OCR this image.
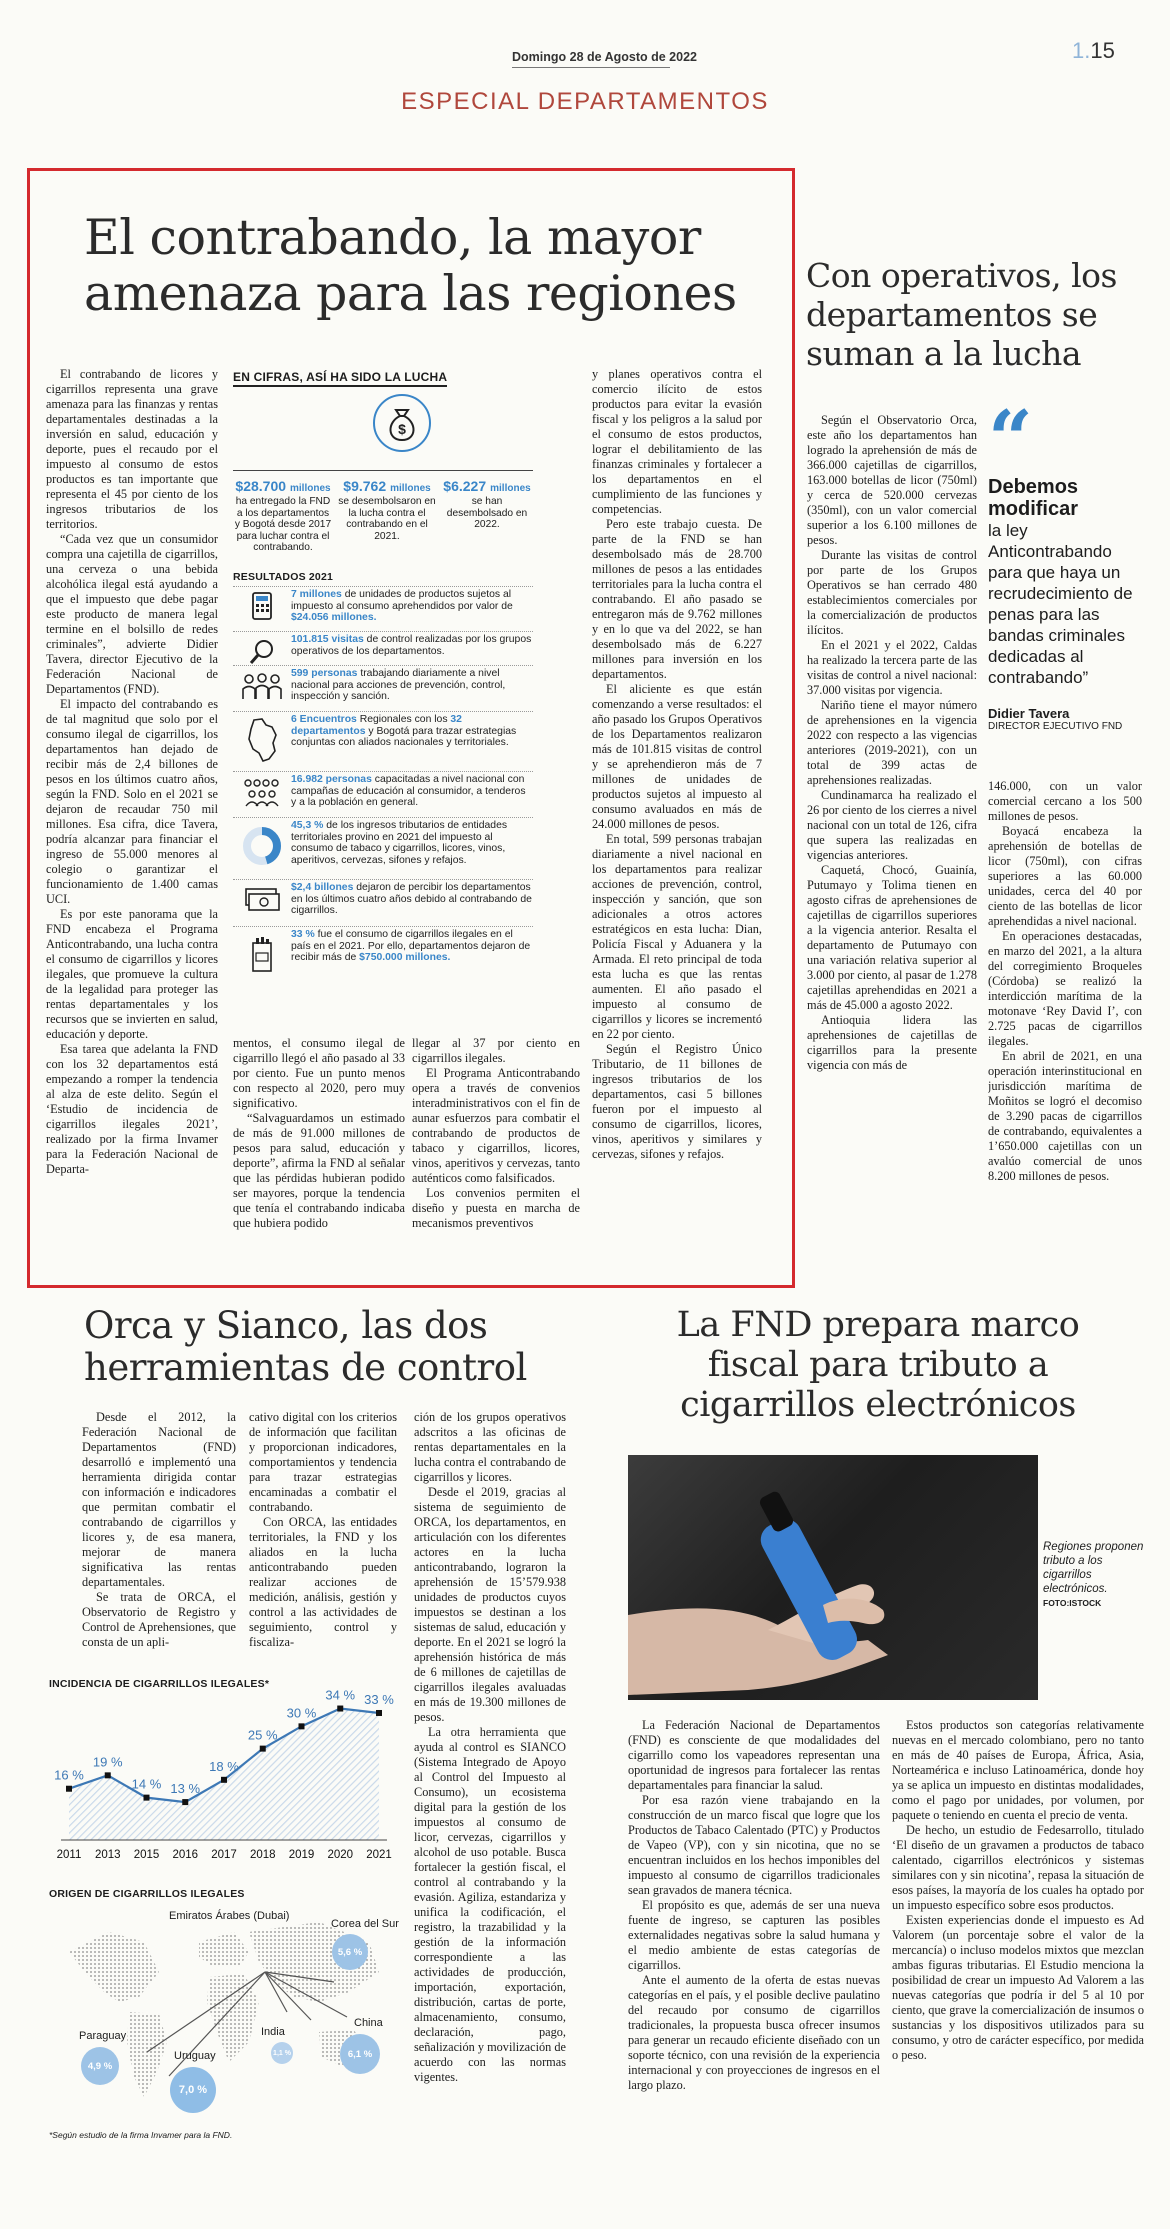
Domingo 28 de Agosto de 2022	1.15
ESPECIAL DEPARTAMENTOS
El contrabando, la mayor
amenaza para las regiones

El contrabando de licores y cigarrillos representa una grave amenaza para las finanzas y rentas departamentales destinadas a la inversión en salud, educación y deporte, pues el recaudo por el impuesto al consumo de estos productos es tan importante que representa el 45 por ciento de los ingresos tributarios de los territorios.

“Cada vez que un consumidor compra una cajetilla de cigarrillos, una cerveza o una bebida alcohólica ilegal está ayudando a que el impuesto que debe pagar este producto de manera legal termine en el bolsillo de redes criminales”, advierte Didier Tavera, director Ejecutivo de la Federación Nacional de Departamentos (FND).

El impacto del contrabando es de tal magnitud que solo por el consumo ilegal de cigarrillos, los departamentos han dejado de recibir más de 2,4 billones de pesos en los últimos cuatro años, según la FND. Solo en el 2021 se dejaron de recaudar 750 mil millones. Esa cifra, dice Tavera, podría alcanzar para financiar el ingreso de 55.000 menores al colegio o garantizar el funcionamiento de 1.400 camas UCI.

Es por este panorama que la FND encabeza el Programa Anticontrabando, una lucha contra el consumo de cigarrillos y licores ilegales, que promueve la cultura de la legalidad para proteger las rentas departamentales y los recursos que se invierten en salud, educación y deporte.

Esa tarea que adelanta la FND con los 32 departamentos está empezando a romper la tendencia al alza de este delito. Según el ‘Estudio de incidencia de cigarrillos ilegales 2021’, realizado por la firma Invamer para la Federación Nacional de Departa-

EN CIFRAS, ASÍ HA SIDO LA LUCHA
$
$28.700 millones
ha entregado la FND a los departamentos y Bogotá desde 2017 para luchar contra el contrabando.
$9.762 millones
se desembolsaron en la lucha contra el contrabando en el 2021.
$6.227 millones
se han desembolsado en 2022.
RESULTADOS 2021
7 millones de unidades de productos sujetos al impuesto al consumo aprehendidos por valor de $24.056 millones.
101.815 visitas de control realizadas por los grupos operativos de los departamentos.
599 personas trabajando diariamente a nivel nacional para acciones de prevención, control, inspección y sanción.
6 Encuentros Regionales con los 32 departamentos y Bogotá para trazar estrategias conjuntas con aliados nacionales y territoriales.
16.982 personas capacitadas a nivel nacional con campañas de educación al consumidor, a tenderos y a la población en general.
45,3 % de los ingresos tributarios de entidades territoriales provino en 2021 del impuesto al consumo de tabaco y cigarrillos, licores, vinos, aperitivos, cervezas, sifones y refajos.
$2,4 billones dejaron de percibir los departamentos en los últimos cuatro años debido al contrabando de cigarrillos.
33 % fue el consumo de cigarrillos ilegales en el país en el 2021. Por ello, departamentos dejaron de recibir más de $750.000 millones.

mentos, el consumo ilegal de cigarrillo llegó el año pasado al 33 por ciento. Fue un punto menos con respecto al 2020, pero muy significativo.

“Salvaguardamos un estimado de más de 91.000 millones de pesos para salud, educación y deporte”, afirma la FND al señalar que las pérdidas hubieran podido ser mayores, porque la tendencia que tenía el contrabando indicaba que hubiera podido

llegar al 37 por ciento en cigarrillos ilegales.

El Programa Anticontrabando opera a través de convenios interadministrativos con el fin de aunar esfuerzos para combatir el contrabando de productos de tabaco y cigarrillos, licores, vinos, aperitivos y cervezas, tanto auténticos como falsificados.

Los convenios permiten el diseño y puesta en marcha de mecanismos preventivos

y planes operativos contra el comercio ilícito de estos productos para evitar la evasión fiscal y los peligros a la salud por el consumo de estos productos, lograr el debilitamiento de las finanzas criminales y fortalecer a los departamentos en el cumplimiento de las funciones y competencias.

Pero este trabajo cuesta. De parte de la FND se han desembolsado más de 28.700 millones de pesos a las entidades territoriales para la lucha contra el contrabando. El año pasado se entregaron más de 9.762 millones y en lo que va del 2022, se han desembolsado más de 6.227 millones para inversión en los departamentos.

El aliciente es que están comenzando a verse resultados: el año pasado los Grupos Operativos de los Departamentos realizaron más de 101.815 visitas de control y se aprehendieron más de 7 millones de unidades de productos sujetos al impuesto al consumo avaluados en más de 24.000 millones de pesos.

En total, 599 personas trabajan diariamente a nivel nacional en los departamentos para realizar acciones de prevención, control, inspección y sanción, que son adicionales a otros actores estratégicos en esta lucha: Dian, Policía Fiscal y Aduanera y la Armada. El reto principal de toda esta lucha es que las rentas aumenten. El año pasado el impuesto al consumo de cigarrillos y licores se incrementó en 22 por ciento.

Según el Registro Único Tributario, de 11 billones de ingresos tributarios de los departamentos, casi 5 billones fueron por el impuesto al consumo de cigarrillos, licores, vinos, aperitivos y similares y cervezas, sifones y refajos.

Con operativos, los
departamentos se
suman a la lucha

Según el Observatorio Orca, este año los departamentos han logrado la aprehensión de más de 366.000 cajetillas de cigarrillos, 163.000 botellas de licor (750ml) y cerca de 520.000 cervezas (350ml), con un valor comercial superior a los 6.100 millones de pesos.

Durante las visitas de control por parte de los Grupos Operativos se han cerrado 480 establecimientos comerciales por la comercialización de productos ilícitos.

En el 2021 y el 2022, Caldas ha realizado la tercera parte de las visitas de control a nivel nacional: 37.000 visitas por vigencia.

Nariño tiene el mayor número de aprehensiones en la vigencia 2022 con respecto a las vigencias anteriores (2019-2021), con un total de 399 actas de aprehensiones realizadas.

Cundinamarca ha realizado el 26 por ciento de los cierres a nivel nacional con un total de 126, cifra que supera las realizadas en vigencias anteriores.

Caquetá, Chocó, Guainía, Putumayo y Tolima tienen en agosto cifras de aprehensiones de cajetillas de cigarrillos superiores a la vigencia anterior. Resalta el departamento de Putumayo con una variación relativa superior al 3.000 por ciento, al pasar de 1.278 cajetillas aprehendidas en 2021 a más de 45.000 a agosto 2022.

Antioquia lidera las aprehensiones de cajetillas de cigarrillos para la presente vigencia con más de

“
Debemos modificar
la ley Anticontrabando para que haya un recrudecimiento de penas para las bandas criminales dedicadas al contrabando”
Didier Tavera
DIRECTOR EJECUTIVO FND

146.000, con un valor comercial cercano a los 500 millones de pesos.

Boyacá encabeza la aprehensión de botellas de licor (750ml), con cifras superiores a las 60.000 unidades, cerca del 40 por ciento de las botellas de licor aprehendidas a nivel nacional.

En operaciones destacadas, en marzo del 2021, a la altura del corregimiento Broqueles (Córdoba) se realizó la interdicción marítima de la motonave ‘Rey David I’, con 2.725 pacas de cigarrillos ilegales.

En abril de 2021, en una operación interinstitucional en jurisdicción marítima de Moñitos se logró el decomiso de 3.290 pacas de cigarrillos de contrabando, equivalentes a 1’650.000 cajetillas con un avalúo comercial de unos 8.200 millones de pesos.

Orca y Sianco, las dos
herramientas de control

Desde el 2012, la Federación Nacional de Departamentos (FND) desarrolló e implementó una herramienta dirigida contar con información e indicadores que permitan combatir el contrabando de cigarrillos y licores y, de esa manera, mejorar de manera significativa las rentas departamentales.

Se trata de ORCA, el Observatorio de Registro y Control de Aprehensiones, que consta de un apli-

cativo digital con los criterios de información que facilitan y proporcionan indicadores, comportamientos y tendencia para trazar estrategias encaminadas a combatir el contrabando.

Con ORCA, las entidades territoriales, la FND y los aliados en la lucha anticontrabando pueden realizar acciones de medición, análisis, gestión y control a las actividades de seguimiento, control y fiscaliza-

ción de los grupos operativos adscritos a las oficinas de rentas departamentales en la lucha contra el contrabando de cigarrillos y licores.

Desde el 2019, gracias al sistema de seguimiento de ORCA, los departamentos, en articulación con los diferentes actores en la lucha anticontrabando, lograron la aprehensión de 15’579.938 unidades de productos cuyos impuestos se destinan a los sistemas de salud, educación y deporte. En el 2021 se logró la aprehensión histórica de más de 6 millones de cajetillas de cigarrillos ilegales avaluadas en más de 19.300 millones de pesos.

La otra herramienta que ayuda al control es SIANCO (Sistema Integrado de Apoyo al Control del Impuesto al Consumo), un ecosistema digital para la gestión de los impuestos al consumo de licor, cervezas, cigarrillos y alcohol de uso potable. Busca fortalecer la gestión fiscal, el control al contrabando y la evasión. Agiliza, estandariza y unifica la codificación, el registro, la trazabilidad y la gestión de la información correspondiente a las actividades de producción, importación, exportación, distribución, cartas de porte, almacenamiento, consumo, declaración, pago, señalización y movilización de acuerdo con las normas vigentes.

INCIDENCIA DE CIGARRILLOS ILEGALES*
16 %
2011
19 %
2013
14 %
2015
13 %
2016
18 %
2017
25 %
2018
30 %
2019
34 %
2020
33 %
2021
ORIGEN DE CIGARRILLOS ILEGALES
Emiratos Árabes (Dubai)
Corea del Sur
5,6 %
Paraguay
4,9 %
Uruguay
7,0 %
India
1,1 %
China
6,1 %
*Según estudio de la firma Invamer para la FND.
La FND prepara marco
fiscal para tributo a
cigarrillos electrónicos
Regiones proponen tributo a los cigarrillos electrónicos.
FOTO:ISTOCK

La Federación Nacional de Departamentos (FND) es consciente de que modalidades del cigarrillo como los vapeadores representan una oportunidad de ingresos para fortalecer las rentas departamentales para financiar la salud.

Por esa razón viene trabajando en la construcción de un marco fiscal que logre que los Productos de Tabaco Calentado (PTC) y Productos de Vapeo (VP), con y sin nicotina, que no se encuentran incluidos en los hechos imponibles del impuesto al consumo de cigarrillos tradicionales sean gravados de manera técnica.

El propósito es que, además de ser una nueva fuente de ingreso, se capturen las posibles externalidades negativas sobre la salud humana y el medio ambiente de estas categorías de cigarrillos.

Ante el aumento de la oferta de estas nuevas categorías en el país, y el posible declive paulatino del recaudo por consumo de cigarrillos tradicionales, la propuesta busca ofrecer insumos para generar un recaudo eficiente diseñado con un soporte técnico, con una revisión de la experiencia internacional y con proyecciones de ingresos en el largo plazo.

Estos productos son categorías relativamente nuevas en el mercado colombiano, pero no tanto en más de 40 países de Europa, África, Asia, Norteamérica e incluso Latinoamérica, donde hoy ya se aplica un impuesto en distintas modalidades, como el pago por unidades, por volumen, por paquete o teniendo en cuenta el precio de venta.

De hecho, un estudio de Fedesarrollo, titulado ‘El diseño de un gravamen a productos de tabaco calentado, cigarrillos electrónicos y sistemas similares con y sin nicotina’, repasa la situación de esos países, la mayoría de los cuales ha optado por un impuesto específico sobre esos productos.

Existen experiencias donde el impuesto es Ad Valorem (un porcentaje sobre el valor de la mercancía) o incluso modelos mixtos que mezclan ambas figuras tributarias. El Estudio menciona la posibilidad de crear un impuesto Ad Valorem a las nuevas categorías que podría ir del 5 al 10 por ciento, que grave la comercialización de insumos o sustancias y los dispositivos utilizados para su consumo, y otro de carácter específico, por medida o peso.
